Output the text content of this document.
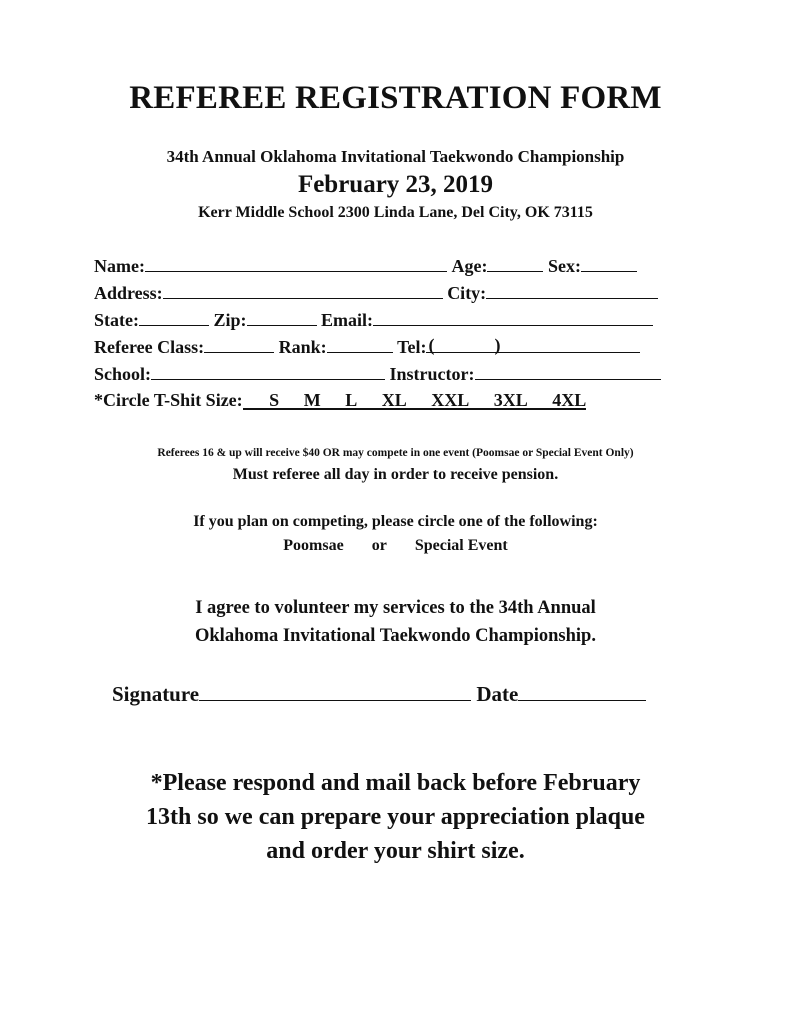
REFEREE REGISTRATION FORM
34th Annual Oklahoma Invitational Taekwondo Championship
February 23, 2019
Kerr Middle School 2300 Linda Lane, Del City, OK 73115
Name:	Age:	Sex:
Address:	City:
State:	Zip:	Email:
Referee Class:	Rank:	Tel: (	)
School:	Instructor:
*Circle T-Shit Size: S M L XL XXL 3XL 4XL
Referees 16 & up will receive $40 OR may compete in one event (Poomsae or Special Event Only)
Must referee all day in order to receive pension.
If you plan on competing, please circle one of the following:
Poomsae or Special Event
I agree to volunteer my services to the 34th Annual
Oklahoma Invitational Taekwondo Championship.
Signature	Date
*Please respond and mail back before February
13th so we can prepare your appreciation plaque
and order your shirt size.
